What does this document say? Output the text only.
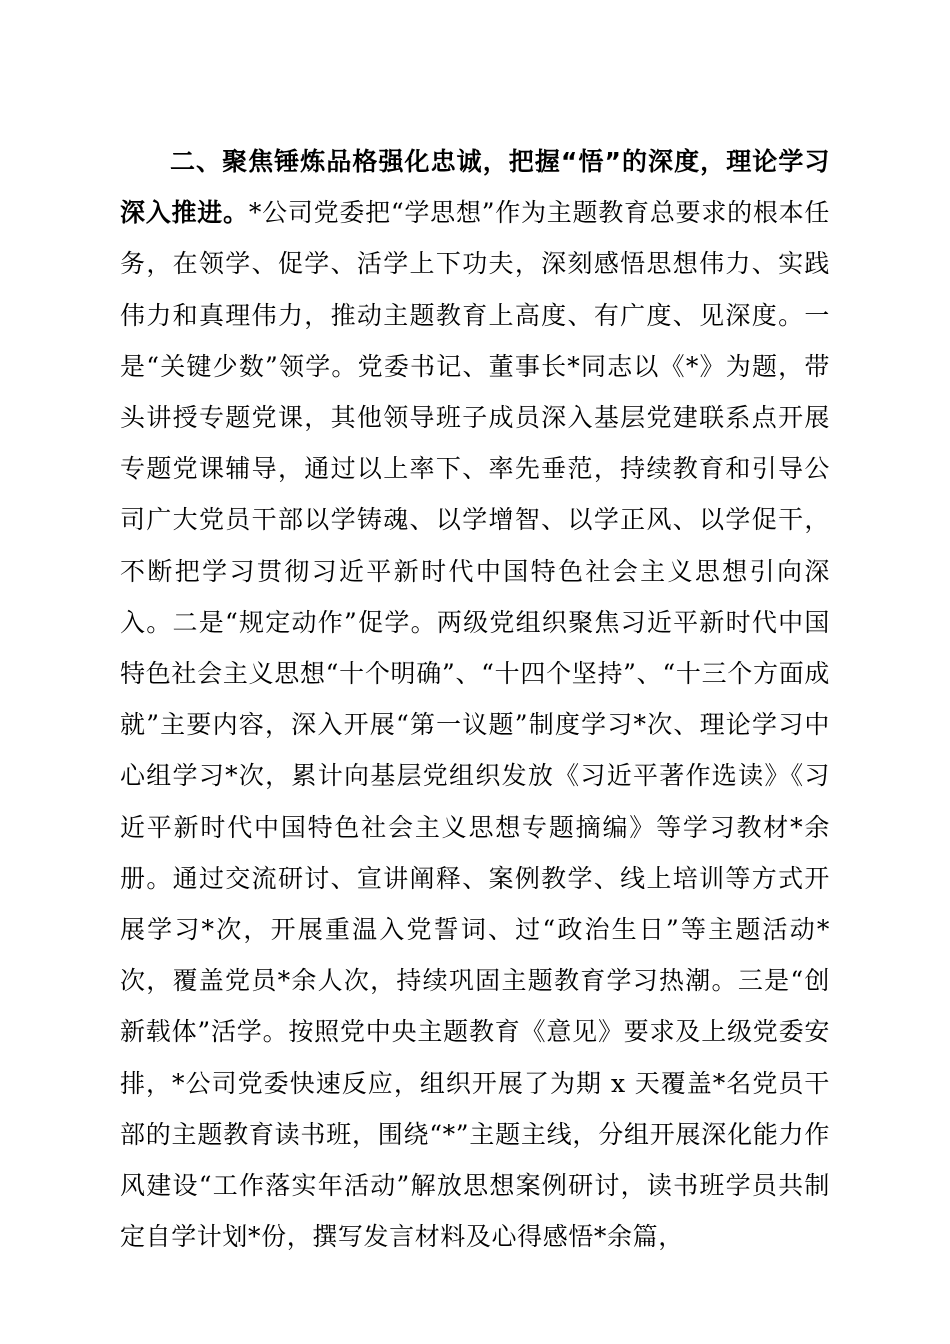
二、聚焦锤炼品格强化忠诚，把握“悟”的深度，理论学习深入推进。*公司党委把“学思想”作为主题教育总要求的根本任务，在领学、促学、活学上下功夫，深刻感悟思想伟力、实践伟力和真理伟力，推动主题教育上高度、有广度、见深度。一是“关键少数”领学。党委书记、董事长*同志以《*》为题，带头讲授专题党课，其他领导班子成员深入基层党建联系点开展专题党课辅导，通过以上率下、率先垂范，持续教育和引导公司广大党员干部以学铸魂、以学增智、以学正风、以学促干，不断把学习贯彻习近平新时代中国特色社会主义思想引向深入。二是“规定动作”促学。两级党组织聚焦习近平新时代中国特色社会主义思想“十个明确”、“十四个坚持”、“十三个方面成就”主要内容，深入开展“第一议题”制度学习*次、理论学习中心组学习*次，累计向基层党组织发放《习近平著作选读》《习近平新时代中国特色社会主义思想专题摘编》等学习教材*余册。通过交流研讨、宣讲阐释、案例教学、线上培训等方式开展学习*次，开展重温入党誓词、过“政治生日”等主题活动*次，覆盖党员*余人次，持续巩固主题教育学习热潮。三是“创新载体”活学。按照党中央主题教育《意见》要求及上级党委安排，*公司党委快速反应，组织开展了为期 x 天覆盖*名党员干部的主题教育读书班，围绕“*”主题主线，分组开展深化能力作风建设“工作落实年活动”解放思想案例研讨，读书班学员共制定自学计划*份，撰写发言材料及心得感悟*余篇，
